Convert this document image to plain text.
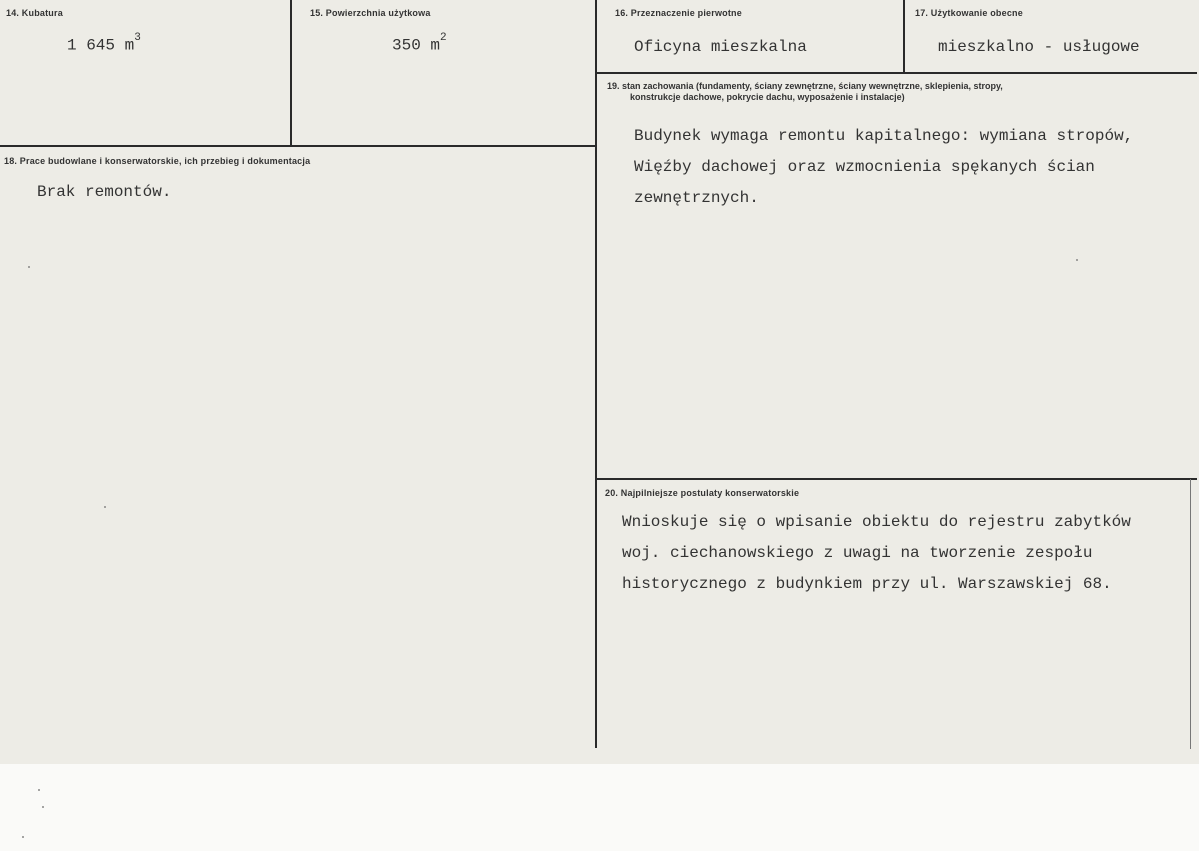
14. Kubatura
1 645 $m^3$
15. Powierzchnia użytkowa
350 $m^2$
16. Przeznaczenie pierwotne
Oficyna mieszkalna
17. Użytkowanie obecne
mieszkalno - usługowe
18. Prace budowlane i konserwatorskie, ich przebieg i dokumentacja
Brak remontów.
19. stan zachowania (fundamenty, ściany zewnętrzne, ściany wewnętrzne, sklepienia, stropy,
konstrukcje dachowe, pokrycie dachu, wyposażenie i instalacje)
Budynek wymaga remontu kapitalnego: wymiana stropów,
Więźby dachowej oraz wzmocnienia spękanych ścian
zewnętrznych.
20. Najpilniejsze postulaty konserwatorskie
Wnioskuje się o wpisanie obiektu do rejestru zabytków
woj. ciechanowskiego z uwagi na tworzenie zespołu
historycznego z budynkiem przy ul. Warszawskiej 68.
